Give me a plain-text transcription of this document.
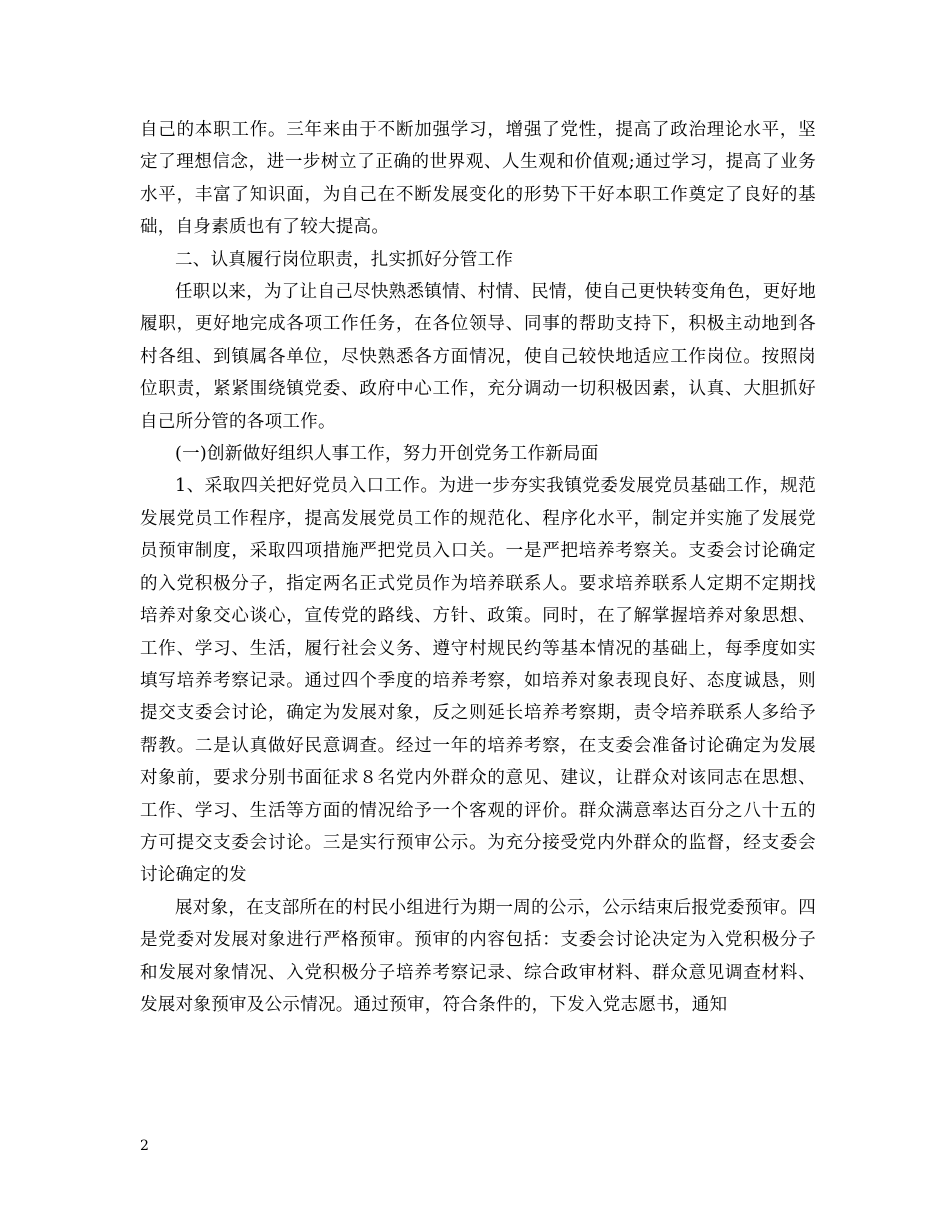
自己的本职工作。三年来由于不断加强学习，增强了党性，提高了政治理论水平，坚定了理想信念，进一步树立了正确的世界观、人生观和价值观;通过学习，提高了业务水平，丰富了知识面，为自己在不断发展变化的形势下干好本职工作奠定了良好的基础，自身素质也有了较大提高。

二、认真履行岗位职责，扎实抓好分管工作

任职以来，为了让自己尽快熟悉镇情、村情、民情，使自己更快转变角色，更好地履职，更好地完成各项工作任务，在各位领导、同事的帮助支持下，积极主动地到各村各组、到镇属各单位，尽快熟悉各方面情况，使自己较快地适应工作岗位。按照岗位职责，紧紧围绕镇党委、政府中心工作，充分调动一切积极因素，认真、大胆抓好自己所分管的各项工作。

(一)创新做好组织人事工作，努力开创党务工作新局面

1、采取四关把好党员入口工作。为进一步夯实我镇党委发展党员基础工作，规范发展党员工作程序，提高发展党员工作的规范化、程序化水平，制定并实施了发展党员预审制度，采取四项措施严把党员入口关。一是严把培养考察关。支委会讨论确定的入党积极分子，指定两名正式党员作为培养联系人。要求培养联系人定期不定期找培养对象交心谈心，宣传党的路线、方针、政策。同时，在了解掌握培养对象思想、工作、学习、生活，履行社会义务、遵守村规民约等基本情况的基础上，每季度如实填写培养考察记录。通过四个季度的培养考察，如培养对象表现良好、态度诚恳，则提交支委会讨论，确定为发展对象，反之则延长培养考察期，责令培养联系人多给予帮教。二是认真做好民意调查。经过一年的培养考察，在支委会准备讨论确定为发展对象前，要求分别书面征求８名党内外群众的意见、建议，让群众对该同志在思想、工作、学习、生活等方面的情况给予一个客观的评价。群众满意率达百分之八十五的方可提交支委会讨论。三是实行预审公示。为充分接受党内外群众的监督，经支委会讨论确定的发

展对象，在支部所在的村民小组进行为期一周的公示，公示结束后报党委预审。四是党委对发展对象进行严格预审。预审的内容包括：支委会讨论决定为入党积极分子和发展对象情况、入党积极分子培养考察记录、综合政审材料、群众意见调查材料、发展对象预审及公示情况。通过预审，符合条件的，下发入党志愿书，通知

2
